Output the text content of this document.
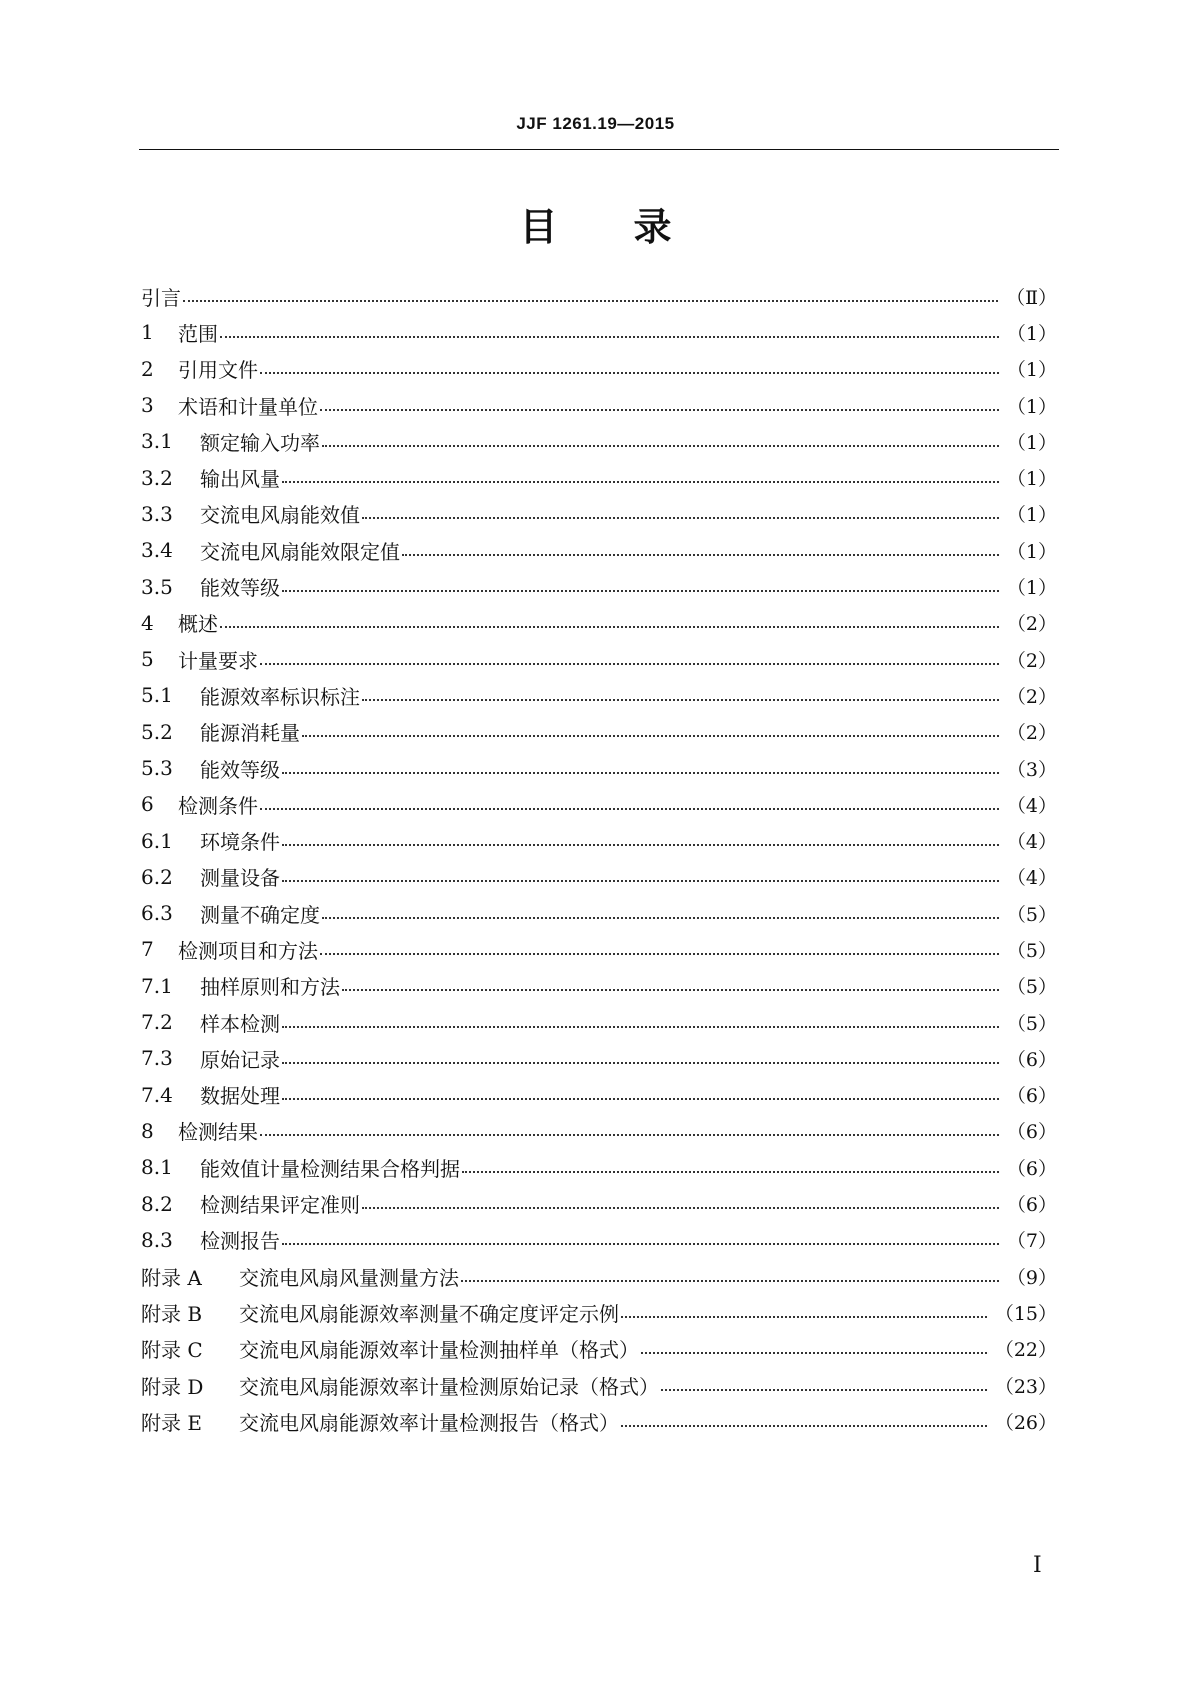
JJF 1261.19—2015
目 录
引言	（Ⅱ）
1	范围	（1）
2	引用文件	（1）
3	术语和计量单位	（1）
3.1	额定输入功率	（1）
3.2	输出风量	（1）
3.3	交流电风扇能效值	（1）
3.4	交流电风扇能效限定值	（1）
3.5	能效等级	（1）
4	概述	（2）
5	计量要求	（2）
5.1	能源效率标识标注	（2）
5.2	能源消耗量	（2）
5.3	能效等级	（3）
6	检测条件	（4）
6.1	环境条件	（4）
6.2	测量设备	（4）
6.3	测量不确定度	（5）
7	检测项目和方法	（5）
7.1	抽样原则和方法	（5）
7.2	样本检测	（5）
7.3	原始记录	（6）
7.4	数据处理	（6）
8	检测结果	（6）
8.1	能效值计量检测结果合格判据	（6）
8.2	检测结果评定准则	（6）
8.3	检测报告	（7）
附录 A	交流电风扇风量测量方法	（9）
附录 B	交流电风扇能源效率测量不确定度评定示例	（15）
附录 C	交流电风扇能源效率计量检测抽样单（格式）	（22）
附录 D	交流电风扇能源效率计量检测原始记录（格式）	（23）
附录 E	交流电风扇能源效率计量检测报告（格式）	（26）
Ⅰ
